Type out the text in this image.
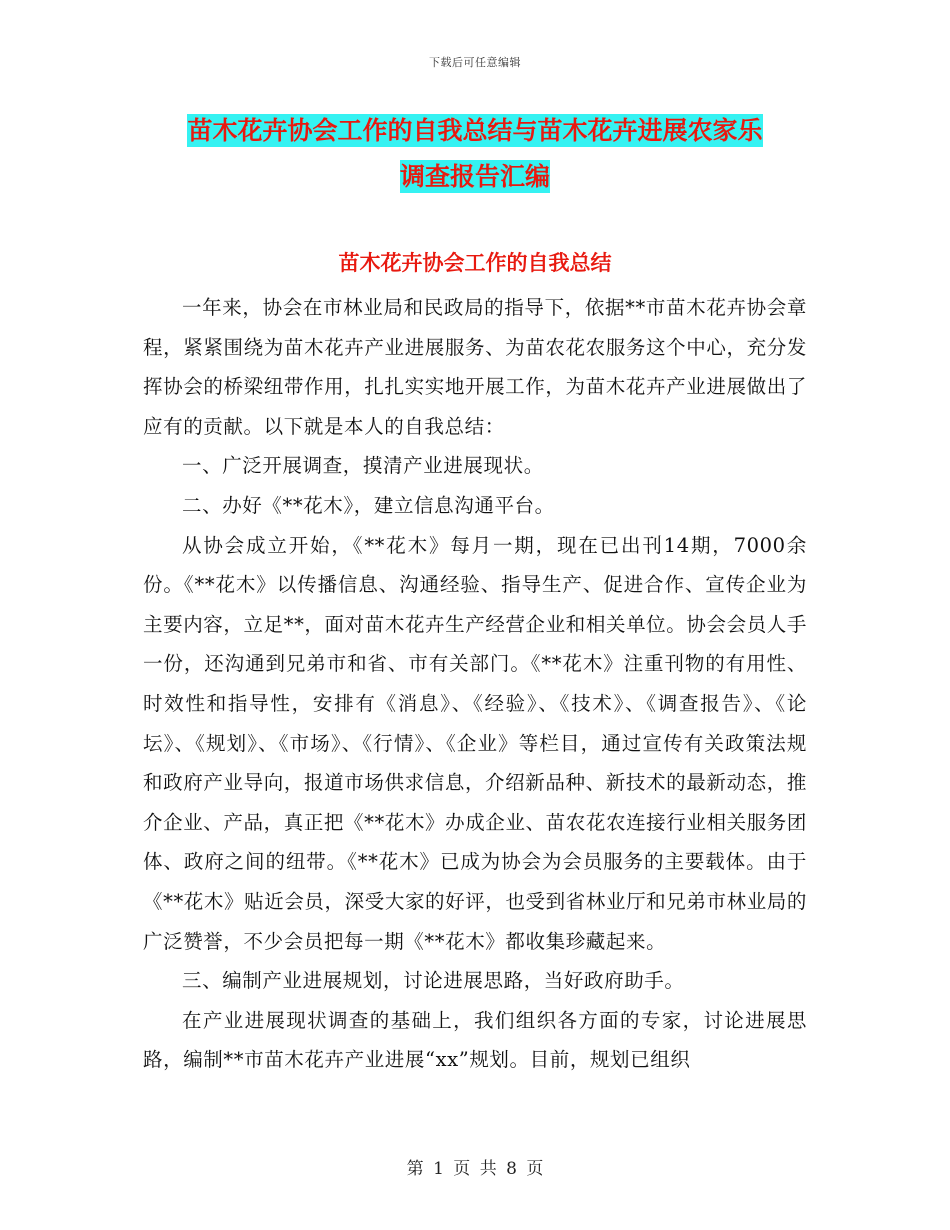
下载后可任意编辑
苗木花卉协会工作的自我总结与苗木花卉进展农家乐
调查报告汇编
苗木花卉协会工作的自我总结

一年来，协会在市林业局和民政局的指导下，依据**市苗木花卉协会章程，紧紧围绕为苗木花卉产业进展服务、为苗农花农服务这个中心，充分发挥协会的桥梁纽带作用，扎扎实实地开展工作，为苗木花卉产业进展做出了应有的贡献。以下就是本人的自我总结：

一、广泛开展调查，摸清产业进展现状。

二、办好《**花木》，建立信息沟通平台。

从协会成立开始，《**花木》每月一期，现在已出刊14期，7000余份。《**花木》以传播信息、沟通经验、指导生产、促进合作、宣传企业为主要内容，立足**，面对苗木花卉生产经营企业和相关单位。协会会员人手一份，还沟通到兄弟市和省、市有关部门。《**花木》注重刊物的有用性、时效性和指导性，安排有《消息》、《经验》、《技术》、《调查报告》、《论坛》、《规划》、《市场》、《行情》、《企业》等栏目，通过宣传有关政策法规和政府产业导向，报道市场供求信息，介绍新品种、新技术的最新动态，推介企业、产品，真正把《**花木》办成企业、苗农花农连接行业相关服务团体、政府之间的纽带。《**花木》已成为协会为会员服务的主要载体。由于《**花木》贴近会员，深受大家的好评，也受到省林业厅和兄弟市林业局的广泛赞誉，不少会员把每一期《**花木》都收集珍藏起来。

三、编制产业进展规划，讨论进展思路，当好政府助手。

在产业进展现状调查的基础上，我们组织各方面的专家，讨论进展思路，编制**市苗木花卉产业进展“xx”规划。目前，规划已组织

第 1 页 共 8 页
